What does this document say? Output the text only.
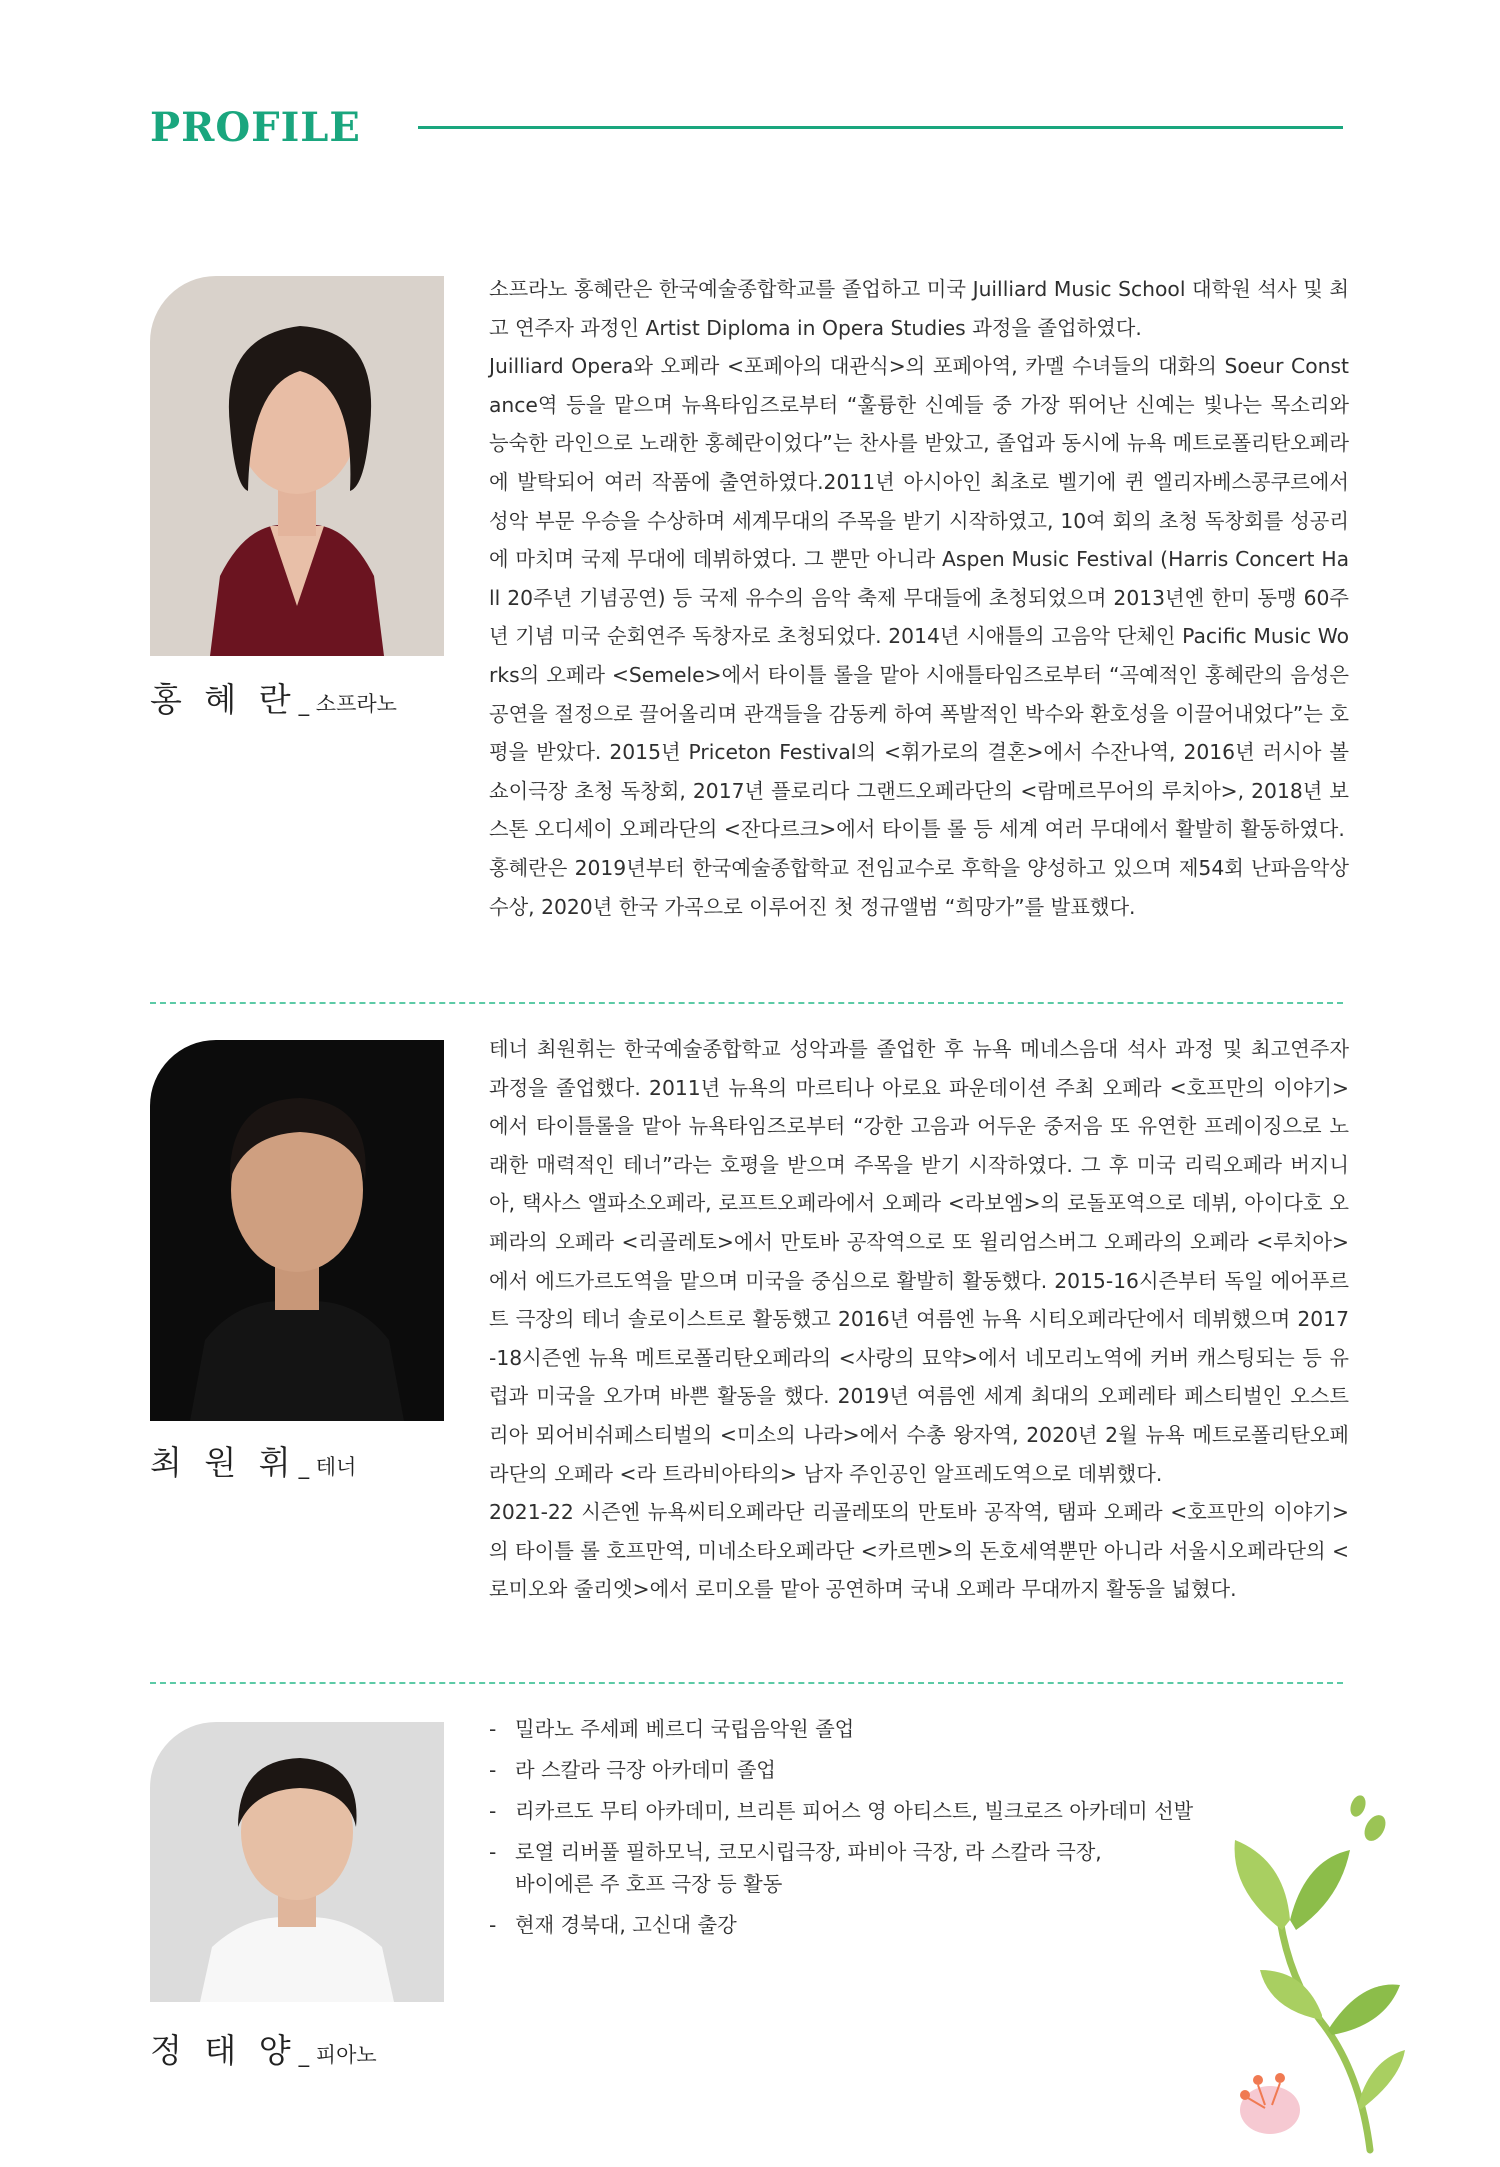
PROFILE
홍 혜 란_ 소프라노

소프라노 홍혜란은 한국예술종합학교를 졸업하고 미국 Juilliard Music School 대학원 석사 및 최고 연주자 과정인 Artist Diploma in Opera Studies 과정을 졸업하였다.

Juilliard Opera와 오페라 <포페아의 대관식>의 포페아역, 카멜 수녀들의 대화의 Soeur Constance역 등을 맡으며 뉴욕타임즈로부터 “훌륭한 신예들 중 가장 뛰어난 신예는 빛나는 목소리와 능숙한 라인으로 노래한 홍혜란이었다”는 찬사를 받았고, 졸업과 동시에 뉴욕 메트로폴리탄오페라에 발탁되어 여러 작품에 출연하였다.2011년 아시아인 최초로 벨기에 퀸 엘리자베스콩쿠르에서 성악 부문 우승을 수상하며 세계무대의 주목을 받기 시작하였고, 10여 회의 초청 독창회를 성공리에 마치며 국제 무대에 데뷔하였다. 그 뿐만 아니라 Aspen Music Festival (Harris Concert Hall 20주년 기념공연) 등 국제 유수의 음악 축제 무대들에 초청되었으며 2013년엔 한미 동맹 60주년 기념 미국 순회연주 독창자로 초청되었다. 2014년 시애틀의 고음악 단체인 Pacific Music Works의 오페라 <Semele>에서 타이틀 롤을 맡아 시애틀타임즈로부터 “곡예적인 홍혜란의 음성은 공연을 절정으로 끌어올리며 관객들을 감동케 하여 폭발적인 박수와 환호성을 이끌어내었다”는 호평을 받았다. 2015년 Priceton Festival의 <휘가로의 결혼>에서 수잔나역, 2016년 러시아 볼쇼이극장 초청 독창회, 2017년 플로리다 그랜드오페라단의 <람메르무어의 루치아>, 2018년 보스톤 오디세이 오페라단의 <잔다르크>에서 타이틀 롤 등 세계 여러 무대에서 활발히 활동하였다.

홍혜란은 2019년부터 한국예술종합학교 전임교수로 후학을 양성하고 있으며 제54회 난파음악상 수상, 2020년 한국 가곡으로 이루어진 첫 정규앨범 “희망가”를 발표했다.

최 원 휘_ 테너

테너 최원휘는 한국예술종합학교 성악과를 졸업한 후 뉴욕 메네스음대 석사 과정 및 최고연주자 과정을 졸업했다. 2011년 뉴욕의 마르티나 아로요 파운데이션 주최 오페라 <호프만의 이야기>에서 타이틀롤을 맡아 뉴욕타임즈로부터 “강한 고음과 어두운 중저음 또 유연한 프레이징으로 노래한 매력적인 테너”라는 호평을 받으며 주목을 받기 시작하였다. 그 후 미국 리릭오페라 버지니아, 택사스 앨파소오페라, 로프트오페라에서 오페라 <라보엠>의 로돌포역으로 데뷔, 아이다호 오페라의 오페라 <리골레토>에서 만토바 공작역으로 또 윌리엄스버그 오페라의 오페라 <루치아>에서 에드가르도역을 맡으며 미국을 중심으로 활발히 활동했다. 2015-16시즌부터 독일 에어푸르트 극장의 테너 솔로이스트로 활동했고 2016년 여름엔 뉴욕 시티오페라단에서 데뷔했으며 2017-18시즌엔 뉴욕 메트로폴리탄오페라의 <사랑의 묘약>에서 네모리노역에 커버 캐스팅되는 등 유럽과 미국을 오가며 바쁜 활동을 했다. 2019년 여름엔 세계 최대의 오페레타 페스티벌인 오스트리아 뫼어비쉬페스티벌의 <미소의 나라>에서 수총 왕자역, 2020년 2월 뉴욕 메트로폴리탄오페라단의 오페라 <라 트라비아타의> 남자 주인공인 알프레도역으로 데뷔했다.

2021-22 시즌엔 뉴욕씨티오페라단 리골레또의 만토바 공작역, 탬파 오페라 <호프만의 이야기>의 타이틀 롤 호프만역, 미네소타오페라단 <카르멘>의 돈호세역뿐만 아니라 서울시오페라단의 <로미오와 줄리엣>에서 로미오를 맡아 공연하며 국내 오페라 무대까지 활동을 넓혔다.

정 태 양_ 피아노
- 밀라노 주세페 베르디 국립음악원 졸업
- 라 스칼라 극장 아카데미 졸업
- 리카르도 무티 아카데미, 브리튼 피어스 영 아티스트, 빌크로즈 아카데미 선발
- 로열 리버풀 필하모닉, 코모시립극장, 파비아 극장, 라 스칼라 극장,
바이에른 주 호프 극장 등 활동
- 현재 경북대, 고신대 출강
